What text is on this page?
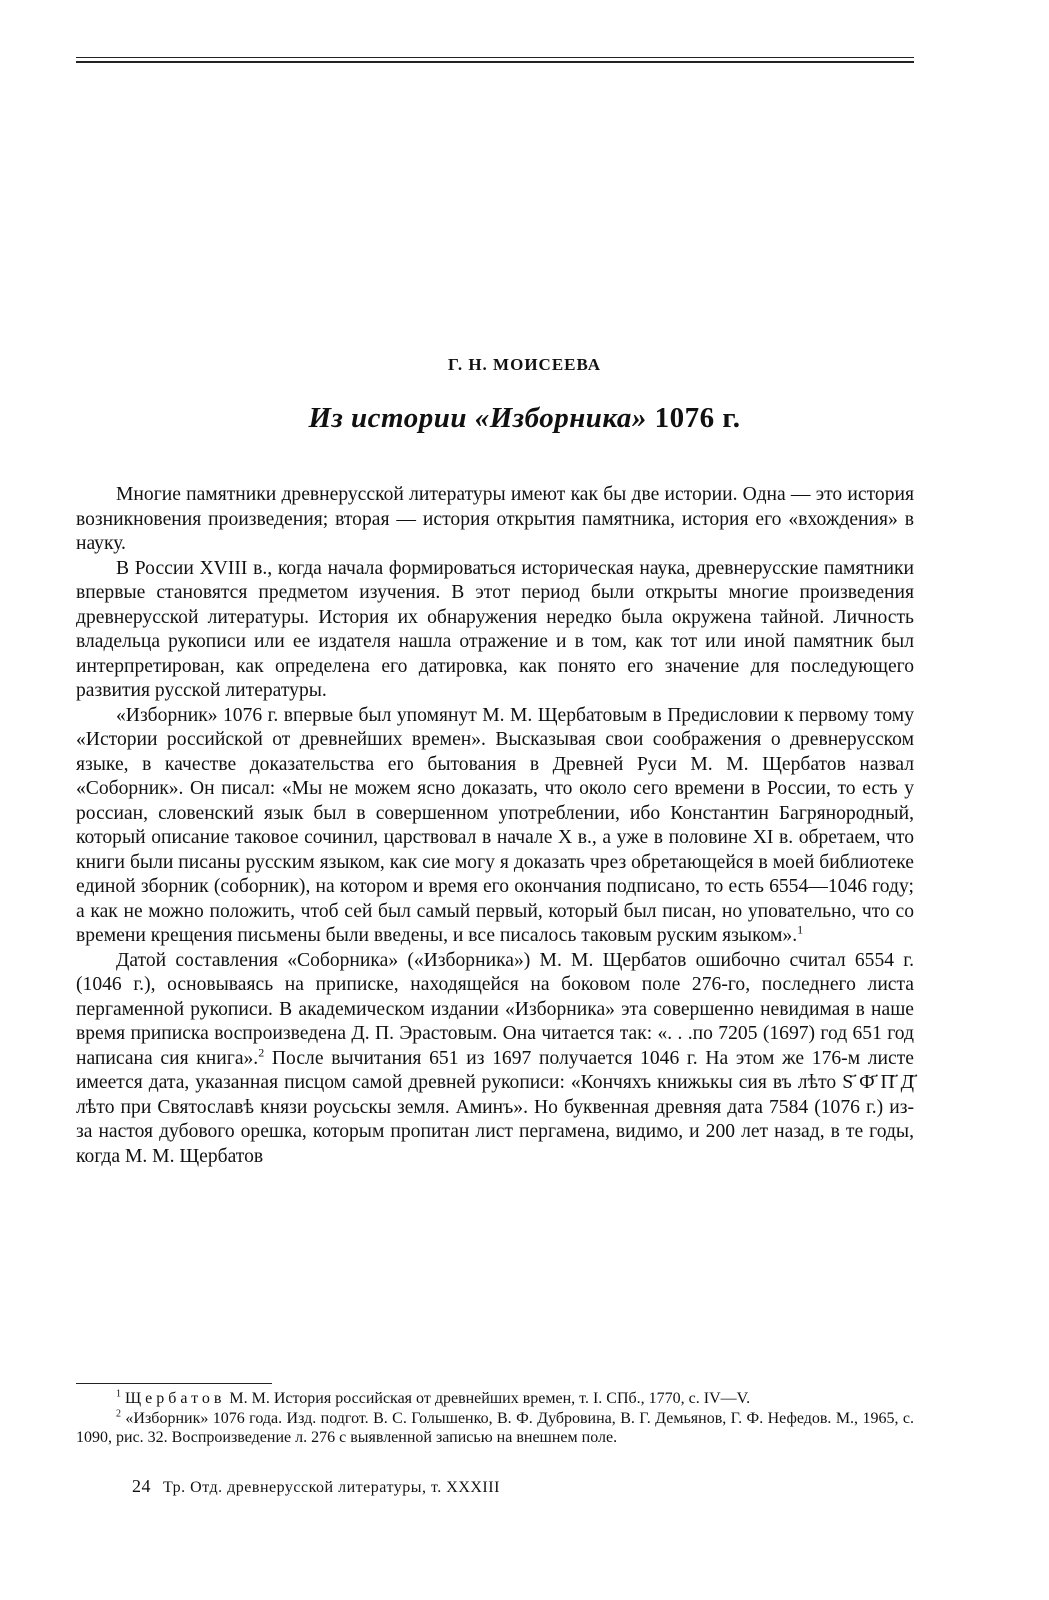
Г. Н. МОИСЕЕВА
Из истории «Изборника» 1076 г.

Многие памятники древнерусской литературы имеют как бы две истории. Одна — это история возникновения произведения; вторая — история открытия памятника, история его «вхождения» в науку.

В России XVIII в., когда начала формироваться историческая наука, древнерусские памятники впервые становятся предметом изучения. В этот период были открыты многие произведения древнерусской литературы. История их обнаружения нередко была окружена тайной. Личность владельца рукописи или ее издателя нашла отражение и в том, как тот или иной памятник был интерпретирован, как определена его датировка, как понято его значение для последующего развития русской литературы.

«Изборник» 1076 г. впервые был упомянут М. М. Щербатовым в Предисловии к первому тому «Истории российской от древнейших времен». Высказывая свои соображения о древнерусском языке, в качестве доказательства его бытования в Древней Руси М. М. Щербатов назвал «Соборник». Он писал: «Мы не можем ясно доказать, что около сего времени в России, то есть у россиан, словенский язык был в совершенном употреблении, ибо Константин Багрянородный, который описание таковое сочинил, царствовал в начале X в., а уже в половине XI в. обретаем, что книги были писаны русским языком, как сие могу я доказать чрез обретающейся в моей библиотеке единой зборник (соборник), на котором и время его окончания подписано, то есть 6554—1046 году; а как не можно положить, чтоб сей был самый первый, который был писан, но уповательно, что со времени крещения письмены были введены, и все писалось таковым руским языком».$^1$

Датой составления «Соборника» («Изборника») М. М. Щербатов ошибочно считал 6554 г. (1046 г.), основываясь на приписке, находящейся на боковом поле 276-го, последнего листа пергаменной рукописи. В академическом издании «Изборника» эта совершенно невидимая в наше время приписка воспроизведена Д. П. Эрастовым. Она читается так: «. . .по 7205 (1697) год 651 год написана сия книга».$^2$ После вычитания 651 из 1697 получается 1046 г. На этом же 176-м листе имеется дата, указанная писцом самой древней рукописи: «Кончяхъ книжькы сия въ лѣто S҃ Ф҃ П҃ Д҃ лѣто при Святославѣ князи роусьскы земля. Аминъ». Но буквенная древняя дата 7584 (1076 г.) из-за настоя дубового орешка, которым пропитан лист пергамена, видимо, и 200 лет назад, в те годы, когда М. М. Щербатов

$^1$ Щербатов М. М. История российская от древнейших времен, т. I. СПб., 1770, с. IV—V.

$^2$ «Изборник» 1076 года. Изд. подгот. В. С. Голышенко, В. Ф. Дубровина, В. Г. Демьянов, Г. Ф. Нефедов. М., 1965, с. 1090, рис. 32. Воспроизведение л. 276 с выявленной записью на внешнем поле.

24 Тр. Отд. древнерусской литературы, т. XXXIII
